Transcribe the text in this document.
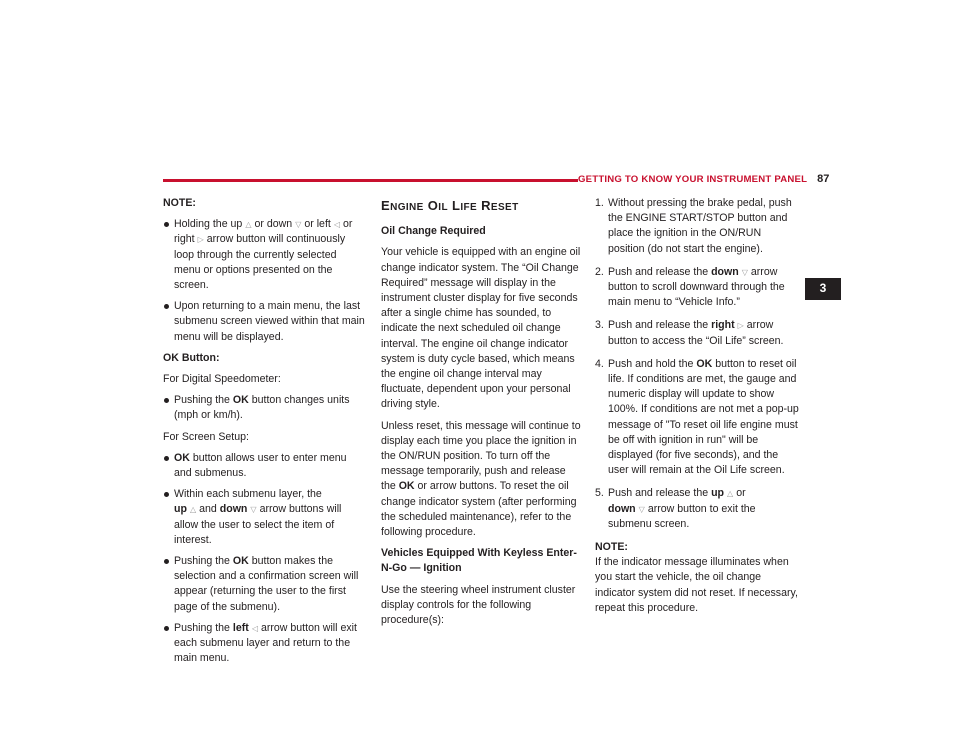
GETTING TO KNOW YOUR INSTRUMENT PANEL 87
3

NOTE:

Holding the up △ or down ▽ or left ◁ or right ▷ arrow button will continuously loop through the currently selected menu or options presented on the screen.
Upon returning to a main menu, the last submenu screen viewed within that main menu will be displayed.

OK Button:

For Digital Speedometer:

Pushing the OK button changes units (mph or km/h).

For Screen Setup:

OK button allows user to enter menu and submenus.
Within each submenu layer, the up △ and down ▽ arrow buttons will allow the user to select the item of interest.
Pushing the OK button makes the selection and a confirmation screen will appear (returning the user to the first page of the submenu).
Pushing the left ◁ arrow button will exit each submenu layer and return to the main menu.
ENGINE OIL LIFE RESET

Oil Change Required

Your vehicle is equipped with an engine oil change indicator system. The “Oil Change Required” message will display in the instrument cluster display for five seconds after a single chime has sounded, to indicate the next scheduled oil change interval. The engine oil change indicator system is duty cycle based, which means the engine oil change interval may fluctuate, dependent upon your personal driving style.

Unless reset, this message will continue to display each time you place the ignition in the ON/RUN position. To turn off the message temporarily, push and release the OK or arrow buttons. To reset the oil change indicator system (after performing the scheduled maintenance), refer to the following procedure.

Vehicles Equipped With Keyless Enter-N-Go — Ignition

Use the steering wheel instrument cluster display controls for the following procedure(s):

1. Without pressing the brake pedal, push the ENGINE START/STOP button and place the ignition in the ON/RUN position (do not start the engine).
2. Push and release the down ▽ arrow button to scroll downward through the main menu to “Vehicle Info.”
3. Push and release the right ▷ arrow button to access the “Oil Life” screen.
4. Push and hold the OK button to reset oil life. If conditions are met, the gauge and numeric display will update to show 100%. If conditions are not met a pop-up message of "To reset oil life engine must be off with ignition in run" will be displayed (for five seconds), and the user will remain at the Oil Life screen.
5. Push and release the up △ or down ▽ arrow button to exit the submenu screen.

NOTE:

If the indicator message illuminates when you start the vehicle, the oil change indicator system did not reset. If necessary, repeat this procedure.
